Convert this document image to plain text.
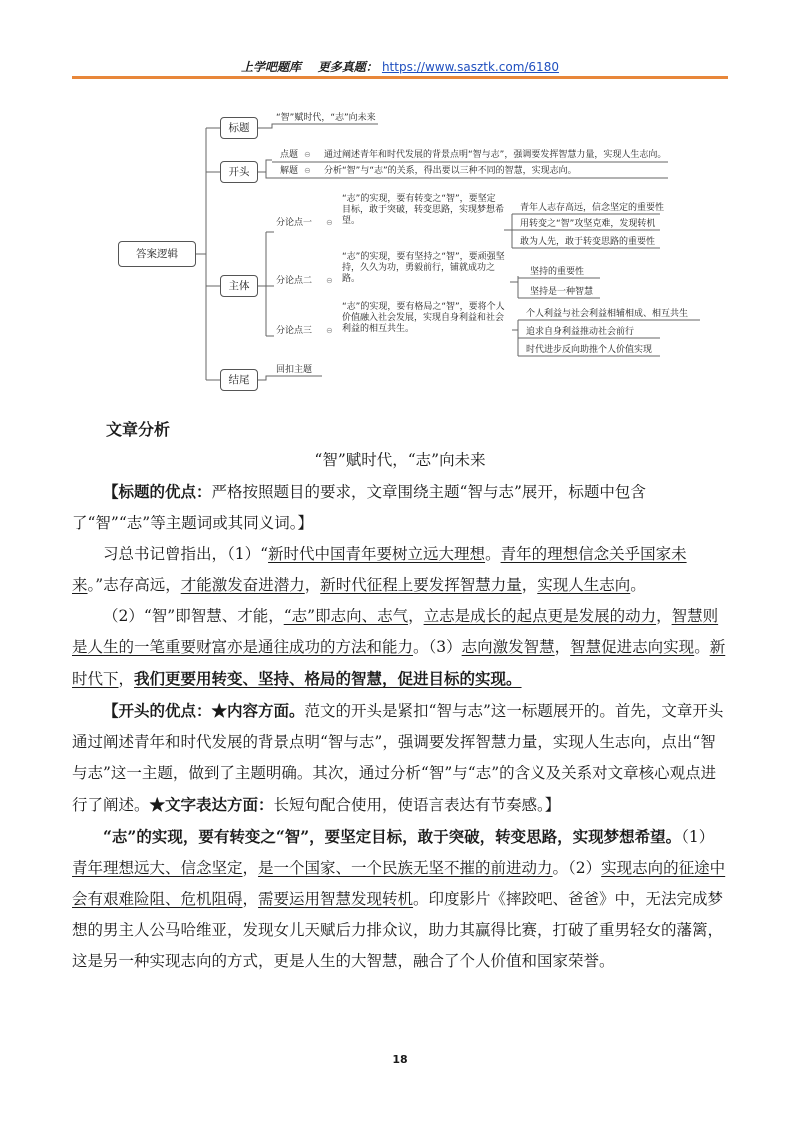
上学吧题库 更多真题： https://www.sasztk.com/6180
答案逻辑
标题
开头
主体
结尾
“智”赋时代，“志”向未来
点题 ⊖ 通过阐述青年和时代发展的背景点明“智与志”，强调要发挥智慧力量，实现人生志向。
解题 ⊖ 分析“智”与“志”的关系，得出要以三种不同的智慧，实现志向。
分论点一 ⊖
“志”的实现，要有转变之“智”，要坚定目标，敢于突破，转变思路，实现梦想希望。
青年人志存高远，信念坚定的重要性
用转变之“智”攻坚克难，发现转机
敢为人先，敢于转变思路的重要性
分论点二 ⊖
“志”的实现，要有坚持之“智”，要顽强坚持，久久为功，勇毅前行，铺就成功之路。
坚持的重要性
坚持是一种智慧
分论点三 ⊖
“志”的实现，要有格局之“智”，要将个人价值融入社会发展，实现自身利益和社会利益的相互共生。
个人利益与社会利益相辅相成、相互共生
追求自身利益推动社会前行
时代进步反向助推个人价值实现
回扣主题
文章分析
“智”赋时代，“志”向未来

【标题的优点：严格按照题目的要求，文章围绕主题“智与志”展开，标题中包含了“智”“志”等主题词或其同义词。】

习总书记曾指出，（1）“新时代中国青年要树立远大理想。青年的理想信念关乎国家未来。”志存高远，才能激发奋进潜力，新时代征程上要发挥智慧力量，实现人生志向。

（2）“智”即智慧、才能，“志”即志向、志气，立志是成长的起点更是发展的动力，智慧则是人生的一笔重要财富亦是通往成功的方法和能力。（3）志向激发智慧，智慧促进志向实现。新时代下，我们更要用转变、坚持、格局的智慧，促进目标的实现。

【开头的优点：★内容方面。范文的开头是紧扣“智与志”这一标题展开的。首先，文章开头通过阐述青年和时代发展的背景点明“智与志”，强调要发挥智慧力量，实现人生志向，点出“智与志”这一主题，做到了主题明确。其次，通过分析“智”与“志”的含义及关系对文章核心观点进行了阐述。★文字表达方面：长短句配合使用，使语言表达有节奏感。】

“志”的实现，要有转变之“智”，要坚定目标，敢于突破，转变思路，实现梦想希望。（1）青年理想远大、信念坚定，是一个国家、一个民族无坚不摧的前进动力。（2）实现志向的征途中会有艰难险阻、危机阻碍，需要运用智慧发现转机。印度影片《摔跤吧、爸爸》中，无法完成梦想的男主人公马哈维亚，发现女儿天赋后力排众议，助力其赢得比赛，打破了重男轻女的藩篱，这是另一种实现志向的方式，更是人生的大智慧，融合了个人价值和国家荣誉。

18
